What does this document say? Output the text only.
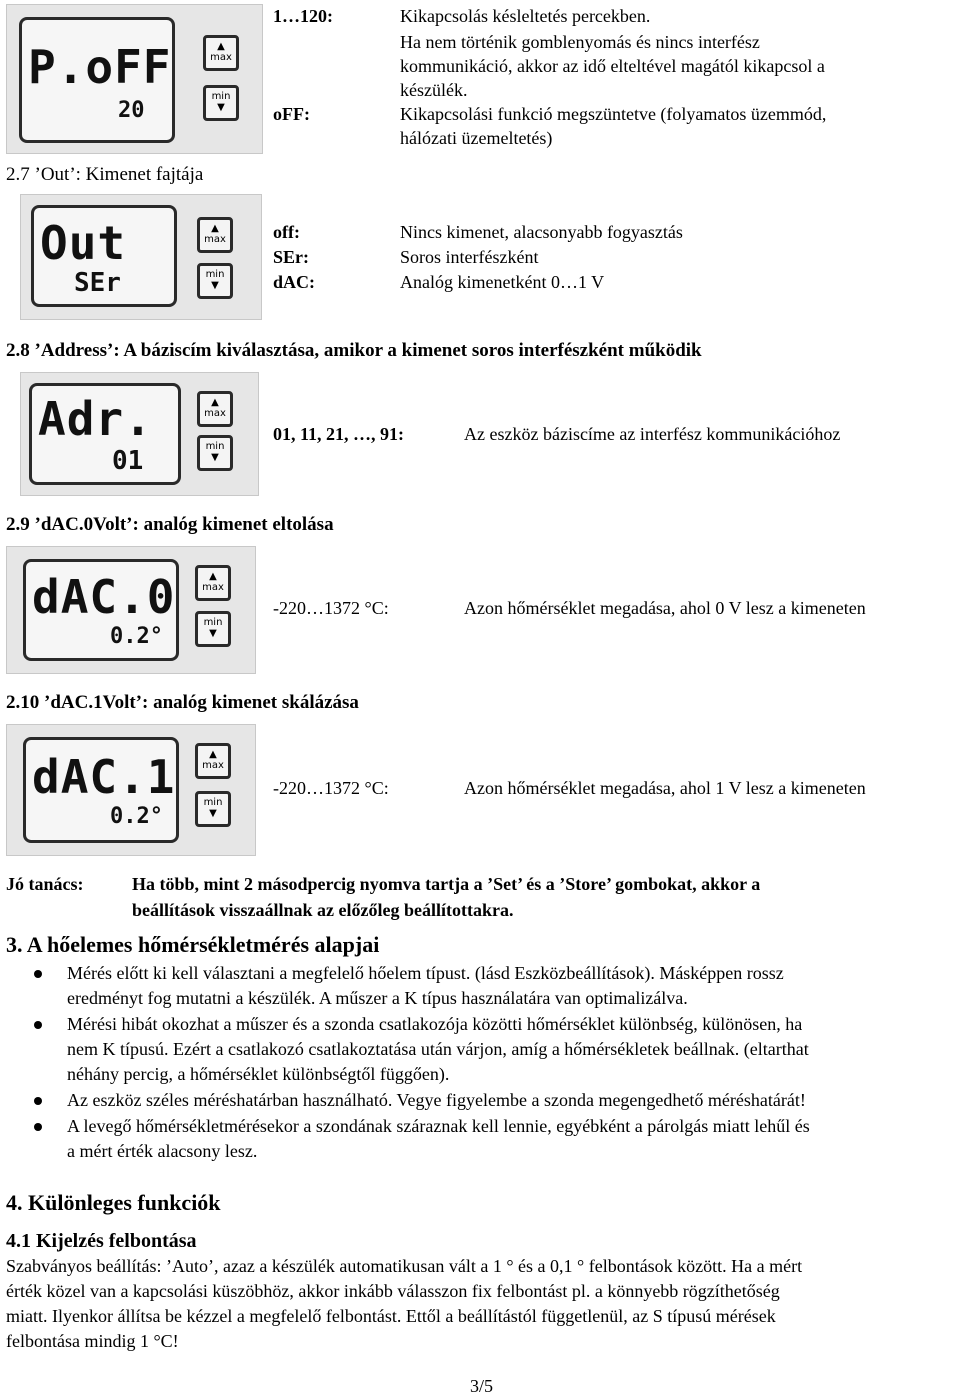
P.oFF
20
▲
max
min
▼
1…120:	Kikapcsolás késleltetés percekben.
Ha nem történik gomblenyomás és nincs interfész
kommunikáció, akkor az idő elteltével magától kikapcsol a
készülék.
oFF:	Kikapcsolási funkció megszüntetve (folyamatos üzemmód,
hálózati üzemeltetés)
2.7 ’Out’: Kimenet fajtája
Out
SEr
▲
max
min
▼
off:	Nincs kimenet, alacsonyabb fogyasztás
SEr:	Soros interfészként
dAC:	Analóg kimenetként 0…1 V
2.8 ’Address’: A báziscím kiválasztása, amikor a kimenet soros interfészként működik
Adr.
01
▲
max
min
▼
01, 11, 21, …, 91:	Az eszköz báziscíme az interfész kommunikációhoz
2.9 ’dAC.0Volt’: analóg kimenet eltolása
dAC.0
0.2°
▲
max
min
▼
-220…1372 °C:	Azon hőmérséklet megadása, ahol 0 V lesz a kimeneten
2.10 ’dAC.1Volt’: analóg kimenet skálázása
dAC.1
0.2°
▲
max
min
▼
-220…1372 °C:	Azon hőmérséklet megadása, ahol 1 V lesz a kimeneten
Jó tanács:	Ha több, mint 2 másodpercig nyomva tartja a ’Set’ és a ’Store’ gombokat, akkor a
beállítások visszaállnak az előzőleg beállítottakra.
3. A hőelemes hőmérsékletmérés alapjai
Mérés előtt ki kell választani a megfelelő hőelem típust. (lásd Eszközbeállítások). Másképpen rossz
eredményt fog mutatni a készülék. A műszer a K típus használatára van optimalizálva.
Mérési hibát okozhat a műszer és a szonda csatlakozója közötti hőmérséklet különbség, különösen, ha
nem K típusú. Ezért a csatlakozó csatlakoztatása után várjon, amíg a hőmérsékletek beállnak. (eltarthat
néhány percig, a hőmérséklet különbségtől függően).
Az eszköz széles méréshatárban használható. Vegye figyelembe a szonda megengedhető méréshatárát!
A levegő hőmérsékletmérésekor a szondának száraznak kell lennie, egyébként a párolgás miatt lehűl és
a mért érték alacsony lesz.
4. Különleges funkciók
4.1 Kijelzés felbontása
Szabványos beállítás: ’Auto’, azaz a készülék automatikusan vált a 1 ° és a 0,1 ° felbontások között. Ha a mért
érték közel van a kapcsolási küszöbhöz, akkor inkább válasszon fix felbontást pl. a könnyebb rögzíthetőség
miatt. Ilyenkor állítsa be kézzel a megfelelő felbontást. Ettől a beállítástól függetlenül, az S típusú mérések
felbontása mindig 1 °C!
3/5
